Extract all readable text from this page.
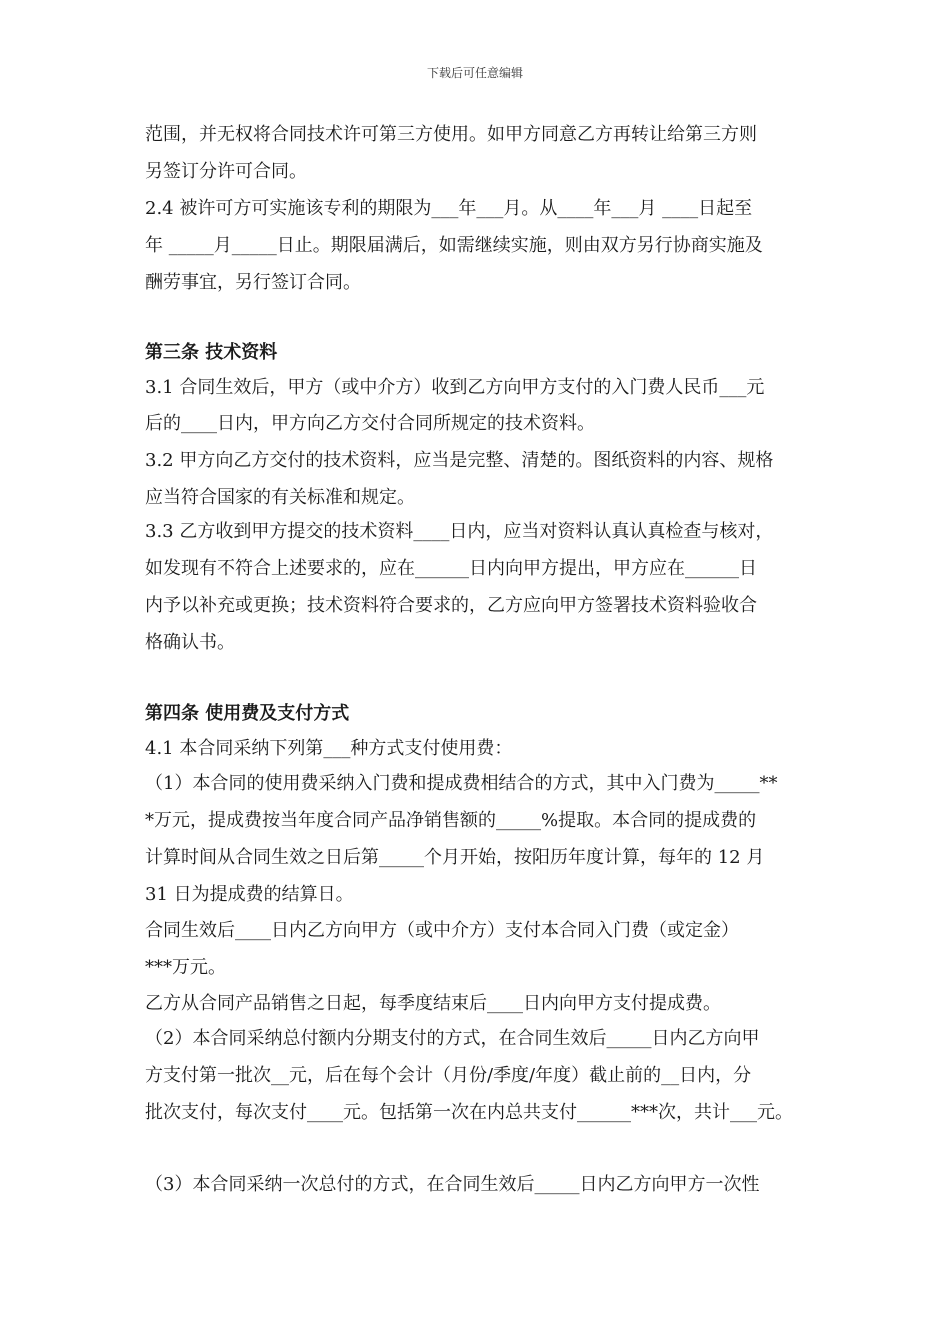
下载后可任意编辑
范围，并无权将合同技术许可第三方使用。如甲方同意乙方再转让给第三方则
另签订分许可合同。
2.4 被许可方可实施该专利的期限为___年___月。从____年___月 ____日起至
年 _____月_____日止。期限届满后，如需继续实施，则由双方另行协商实施及
酬劳事宜，另行签订合同。
第三条 技术资料
3.1 合同生效后，甲方（或中介方）收到乙方向甲方支付的入门费人民币___元
后的____日内，甲方向乙方交付合同所规定的技术资料。
3.2 甲方向乙方交付的技术资料，应当是完整、清楚的。图纸资料的内容、规格
应当符合国家的有关标准和规定。
3.3 乙方收到甲方提交的技术资料____日内，应当对资料认真认真检查与核对，
如发现有不符合上述要求的，应在______日内向甲方提出，甲方应在______日
内予以补充或更换；技术资料符合要求的，乙方应向甲方签署技术资料验收合
格确认书。
第四条 使用费及支付方式
4.1 本合同采纳下列第___种方式支付使用费：
（1）本合同的使用费采纳入门费和提成费相结合的方式，其中入门费为_____**
*万元，提成费按当年度合同产品净销售额的_____%提取。本合同的提成费的
计算时间从合同生效之日后第_____个月开始，按阳历年度计算，每年的 12 月
31 日为提成费的结算日。
合同生效后____日内乙方向甲方（或中介方）支付本合同入门费（或定金）
***万元。
乙方从合同产品销售之日起，每季度结束后____日内向甲方支付提成费。
（2）本合同采纳总付额内分期支付的方式，在合同生效后_____日内乙方向甲
方支付第一批次__元，后在每个会计（月份/季度/年度）截止前的__日内，分
批次支付，每次支付____元。包括第一次在内总共支付______***次，共计___元。
（3）本合同采纳一次总付的方式，在合同生效后_____日内乙方向甲方一次性
